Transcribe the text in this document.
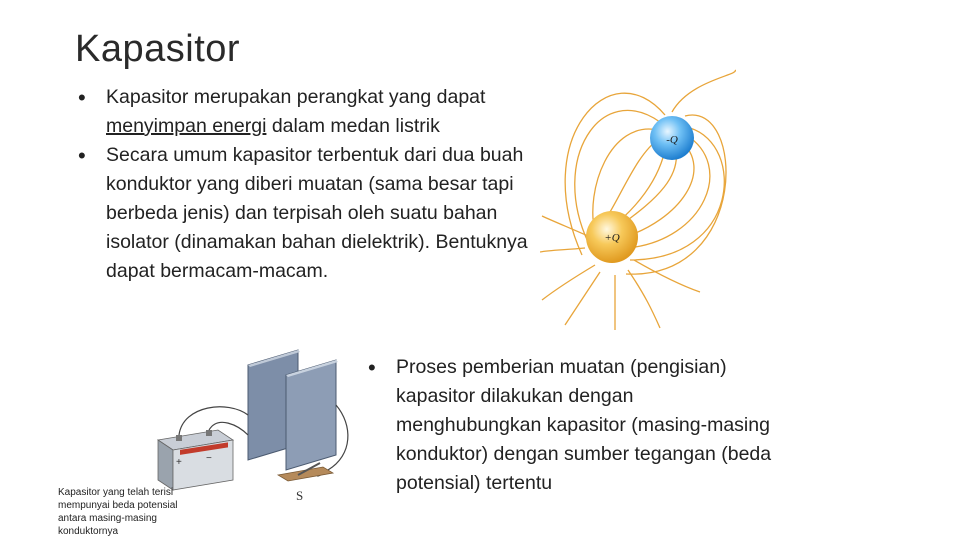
Kapasitor
• Kapasitor merupakan perangkat yang dapat menyimpan energi dalam medan listrik
• Secara umum kapasitor terbentuk dari dua buah konduktor yang diberi muatan (sama besar tapi berbeda jenis) dan terpisah oleh suatu bahan isolator (dinamakan bahan dielektrik). Bentuknya dapat bermacam-macam.
• Proses pemberian muatan (pengisian) kapasitor dilakukan dengan menghubungkan kapasitor (masing-masing konduktor) dengan sumber tegangan (beda potensial) tertentu
-Q
+Q
+ −
S
Kapasitor yang telah terisi mempunyai beda potensial antara masing-masing konduktornya
